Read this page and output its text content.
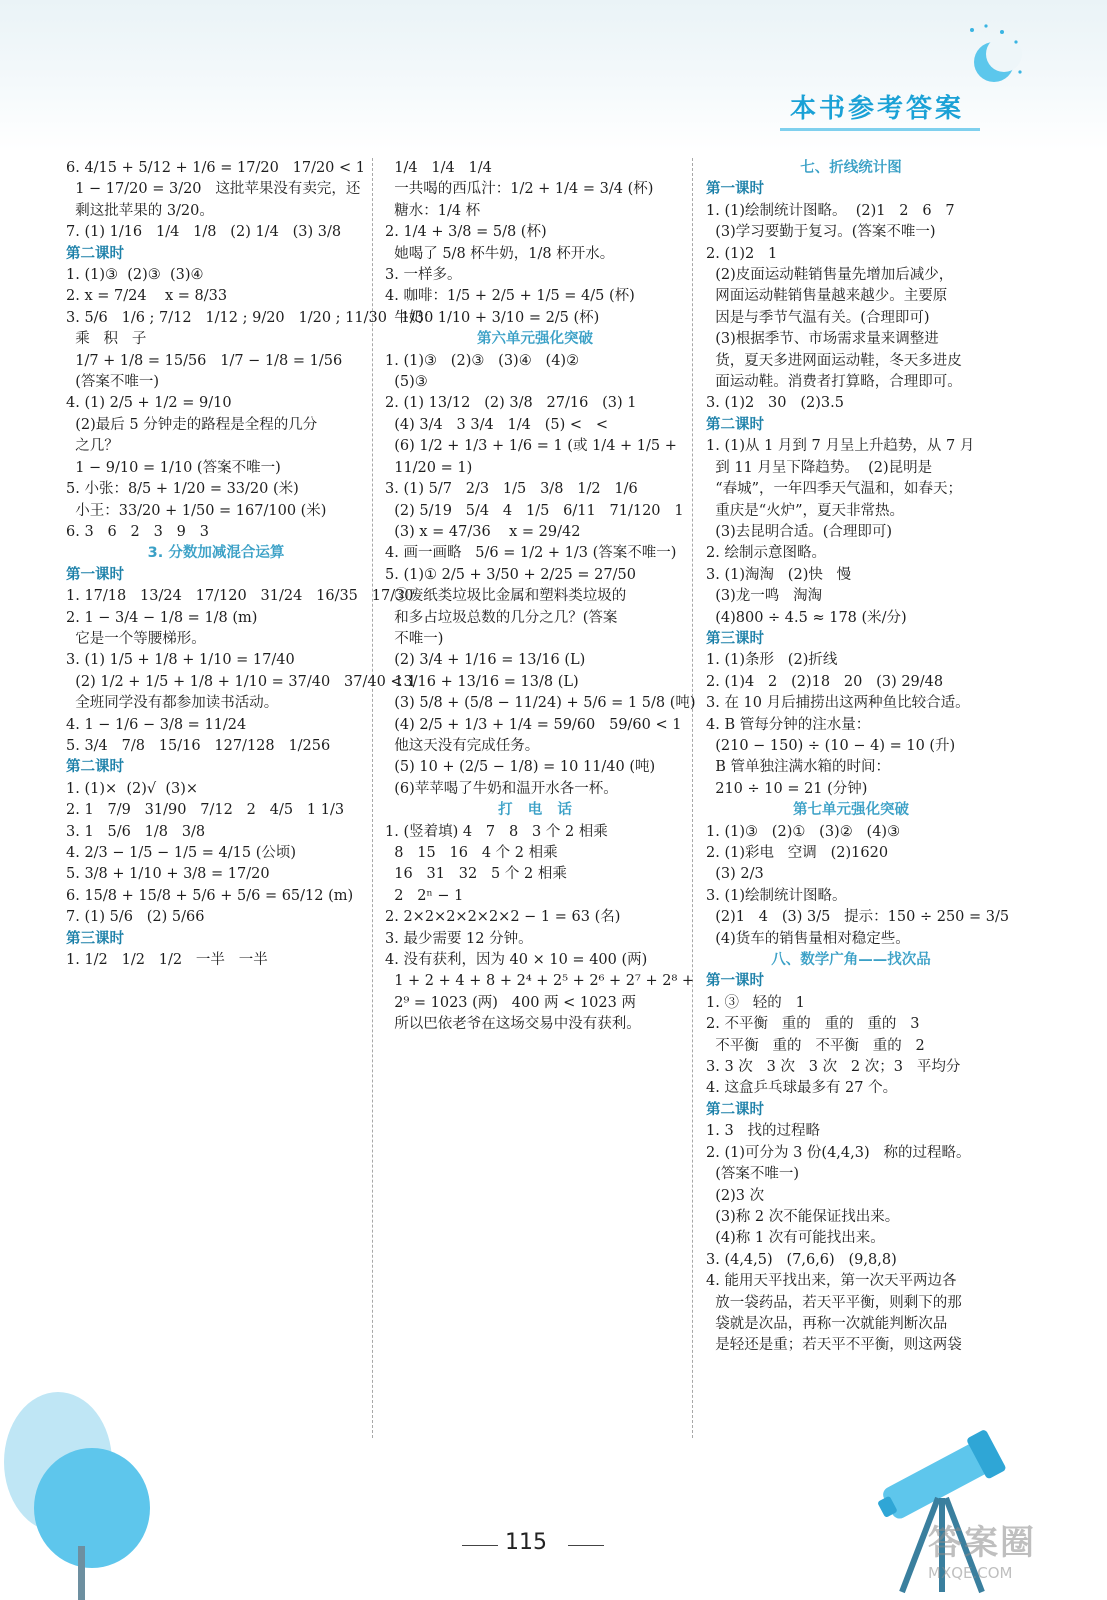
本书参考答案
6. 4/15 + 5/12 + 1/6 = 17/20   17/20 < 1
1 − 17/20 = 3/20   这批苹果没有卖完，还
剩这批苹果的 3/20。
7. (1) 1/16   1/4   1/8   (2) 1/4   (3) 3/8
第二课时
1. (1)③  (2)③  (3)④
2. x = 7/24    x = 8/33
3. 5/6   1/6 ; 7/12   1/12 ; 9/20   1/20 ; 11/30   1/30
乘   积   子
1/7 + 1/8 = 15/56   1/7 − 1/8 = 1/56
(答案不唯一)
4. (1) 2/5 + 1/2 = 9/10
(2)最后 5 分钟走的路程是全程的几分
之几？
1 − 9/10 = 1/10 (答案不唯一)
5. 小张：8/5 + 1/20 = 33/20 (米)
小王：33/20 + 1/50 = 167/100 (米)
6. 3   6   2   3   9   3
3. 分数加减混合运算
第一课时
1. 17/18   13/24   17/120   31/24   16/35   17/30
2. 1 − 3/4 − 1/8 = 1/8 (m)
它是一个等腰梯形。
3. (1) 1/5 + 1/8 + 1/10 = 17/40
(2) 1/2 + 1/5 + 1/8 + 1/10 = 37/40   37/40 < 1
全班同学没有都参加读书活动。
4. 1 − 1/6 − 3/8 = 11/24
5. 3/4   7/8   15/16   127/128   1/256
第二课时
1. (1)×  (2)√  (3)×
2. 1   7/9   31/90   7/12   2   4/5   1 1/3
3. 1   5/6   1/8   3/8
4. 2/3 − 1/5 − 1/5 = 4/15 (公顷)
5. 3/8 + 1/10 + 3/8 = 17/20
6. 15/8 + 15/8 + 5/6 + 5/6 = 65/12 (m)
7. (1) 5/6   (2) 5/66
第三课时
1. 1/2   1/2   1/2   一半   一半
1/4   1/4   1/4
一共喝的西瓜汁：1/2 + 1/4 = 3/4 (杯)
糖水：1/4 杯
2. 1/4 + 3/8 = 5/8 (杯)
她喝了 5/8 杯牛奶，1/8 杯开水。
3. 一样多。
4. 咖啡：1/5 + 2/5 + 1/5 = 4/5 (杯)
牛奶：1/10 + 3/10 = 2/5 (杯)
第六单元强化突破
1. (1)③   (2)③   (3)④   (4)②
(5)③
2. (1) 13/12   (2) 3/8   27/16   (3) 1
(4) 3/4   3 3/4   1/4   (5) <   <
(6) 1/2 + 1/3 + 1/6 = 1 (或 1/4 + 1/5 +
11/20 = 1)
3. (1) 5/7   2/3   1/5   3/8   1/2   1/6
(2) 5/19   5/4   4   1/5   6/11   71/120   1
(3) x = 47/36    x = 29/42
4. 画一画略   5/6 = 1/2 + 1/3 (答案不唯一)
5. (1)① 2/5 + 3/50 + 2/25 = 27/50
②废纸类垃圾比金属和塑料类垃圾的
和多占垃圾总数的几分之几？(答案
不唯一)
(2) 3/4 + 1/16 = 13/16 (L)
13/16 + 13/16 = 13/8 (L)
(3) 5/8 + (5/8 − 11/24) + 5/6 = 1 5/8 (吨)
(4) 2/5 + 1/3 + 1/4 = 59/60   59/60 < 1
他这天没有完成任务。
(5) 10 + (2/5 − 1/8) = 10 11/40 (吨)
(6)苹苹喝了牛奶和温开水各一杯。
打   电   话
1. (竖着填) 4   7   8   3 个 2 相乘
8   15   16   4 个 2 相乘
16   31   32   5 个 2 相乘
2   2ⁿ − 1
2. 2×2×2×2×2×2 − 1 = 63 (名)
3. 最少需要 12 分钟。
4. 没有获利，因为 40 × 10 = 400 (两)
1 + 2 + 4 + 8 + 2⁴ + 2⁵ + 2⁶ + 2⁷ + 2⁸ +
2⁹ = 1023 (两)   400 两 < 1023 两
所以巴依老爷在这场交易中没有获利。
七、折线统计图
第一课时
1. (1)绘制统计图略。  (2)1   2   6   7
(3)学习要勤于复习。(答案不唯一)
2. (1)2   1
(2)皮面运动鞋销售量先增加后减少，
网面运动鞋销售量越来越少。主要原
因是与季节气温有关。(合理即可)
(3)根据季节、市场需求量来调整进
货，夏天多进网面运动鞋，冬天多进皮
面运动鞋。消费者打算略，合理即可。
3. (1)2   30   (2)3.5
第二课时
1. (1)从 1 月到 7 月呈上升趋势，从 7 月
到 11 月呈下降趋势。  (2)昆明是
“春城”，一年四季天气温和，如春天；
重庆是“火炉”，夏天非常热。
(3)去昆明合适。(合理即可)
2. 绘制示意图略。
3. (1)淘淘   (2)快   慢
(3)龙一鸣   淘淘
(4)800 ÷ 4.5 ≈ 178 (米/分)
第三课时
1. (1)条形   (2)折线
2. (1)4   2   (2)18   20   (3) 29/48
3. 在 10 月后捕捞出这两种鱼比较合适。
4. B 管每分钟的注水量：
(210 − 150) ÷ (10 − 4) = 10 (升)
B 管单独注满水箱的时间：
210 ÷ 10 = 21 (分钟)
第七单元强化突破
1. (1)③   (2)①   (3)②   (4)③
2. (1)彩电   空调   (2)1620
(3) 2/3
3. (1)绘制统计图略。
(2)1   4   (3) 3/5   提示：150 ÷ 250 = 3/5
(4)货车的销售量相对稳定些。
八、数学广角——找次品
第一课时
1. ③   轻的   1
2. 不平衡   重的   重的   重的   3
不平衡   重的   不平衡   重的   2
3. 3 次   3 次   3 次   2 次；3   平均分
4. 这盒乒乓球最多有 27 个。
第二课时
1. 3   找的过程略
2. (1)可分为 3 份(4,4,3)   称的过程略。
(答案不唯一)
(2)3 次
(3)称 2 次不能保证找出来。
(4)称 1 次有可能找出来。
3. (4,4,5)   (7,6,6)   (9,8,8)
4. 能用天平找出来，第一次天平两边各
放一袋药品，若天平平衡，则剩下的那
袋就是次品，再称一次就能判断次品
是轻还是重；若天平不平衡，则这两袋
115	答案圈
MXQE.COM
